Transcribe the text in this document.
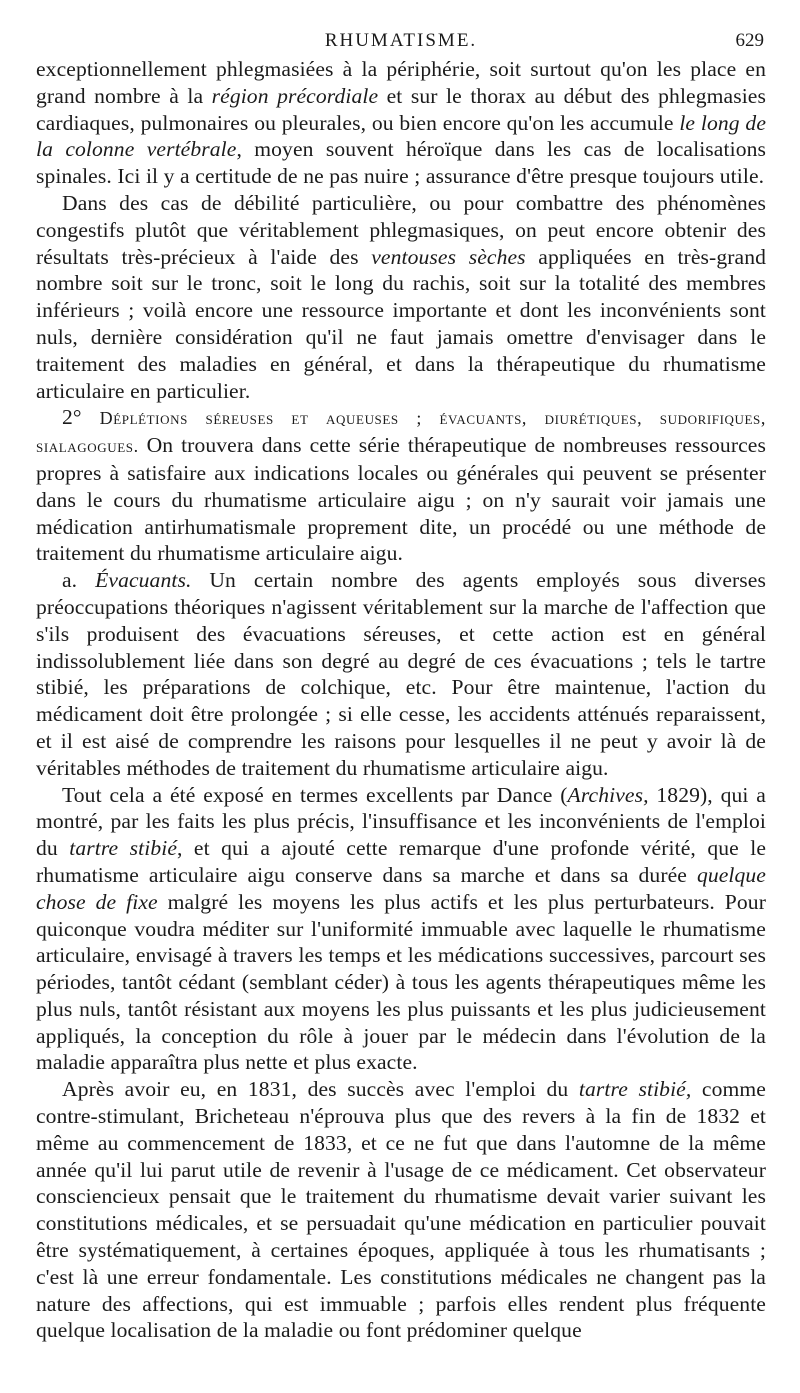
RHUMATISME.	629

exceptionnellement phlegmasiées à la périphérie, soit surtout qu'on les place en grand nombre à la région précordiale et sur le thorax au début des phlegmasies cardiaques, pulmonaires ou pleurales, ou bien encore qu'on les accumule le long de la colonne vertébrale, moyen souvent héroïque dans les cas de localisations spinales. Ici il y a certitude de ne pas nuire ; assurance d'être presque toujours utile.

Dans des cas de débilité particulière, ou pour combattre des phénomènes congestifs plutôt que véritablement phlegmasiques, on peut encore obtenir des résultats très-précieux à l'aide des ventouses sèches appliquées en très-grand nombre soit sur le tronc, soit le long du rachis, soit sur la totalité des membres inférieurs ; voilà encore une ressource importante et dont les inconvénients sont nuls, dernière considération qu'il ne faut jamais omettre d'envisager dans le traitement des maladies en général, et dans la thérapeutique du rhumatisme articulaire en particulier.

2° Déplétions séreuses et aqueuses ; évacuants, diurétiques, sudorifiques, sialagogues. On trouvera dans cette série thérapeutique de nombreuses ressources propres à satisfaire aux indications locales ou générales qui peuvent se présenter dans le cours du rhumatisme articulaire aigu ; on n'y saurait voir jamais une médication antirhumatismale proprement dite, un procédé ou une méthode de traitement du rhumatisme articulaire aigu.

a. Évacuants. Un certain nombre des agents employés sous diverses préoccupations théoriques n'agissent véritablement sur la marche de l'affection que s'ils produisent des évacuations séreuses, et cette action est en général indissolublement liée dans son degré au degré de ces évacuations ; tels le tartre stibié, les préparations de colchique, etc. Pour être maintenue, l'action du médicament doit être prolongée ; si elle cesse, les accidents atténués reparaissent, et il est aisé de comprendre les raisons pour lesquelles il ne peut y avoir là de véritables méthodes de traitement du rhumatisme articulaire aigu.

Tout cela a été exposé en termes excellents par Dance (Archives, 1829), qui a montré, par les faits les plus précis, l'insuffisance et les inconvénients de l'emploi du tartre stibié, et qui a ajouté cette remarque d'une profonde vérité, que le rhumatisme articulaire aigu conserve dans sa marche et dans sa durée quelque chose de fixe malgré les moyens les plus actifs et les plus perturbateurs. Pour quiconque voudra méditer sur l'uniformité immuable avec laquelle le rhumatisme articulaire, envisagé à travers les temps et les médications successives, parcourt ses périodes, tantôt cédant (semblant céder) à tous les agents thérapeutiques même les plus nuls, tantôt résistant aux moyens les plus puissants et les plus judicieusement appliqués, la conception du rôle à jouer par le médecin dans l'évolution de la maladie apparaîtra plus nette et plus exacte.

Après avoir eu, en 1831, des succès avec l'emploi du tartre stibié, comme contre-stimulant, Bricheteau n'éprouva plus que des revers à la fin de 1832 et même au commencement de 1833, et ce ne fut que dans l'automne de la même année qu'il lui parut utile de revenir à l'usage de ce médicament. Cet observateur consciencieux pensait que le traitement du rhumatisme devait varier suivant les constitutions médicales, et se persuadait qu'une médication en particulier pouvait être systématiquement, à certaines époques, appliquée à tous les rhumatisants ; c'est là une erreur fondamentale. Les constitutions médicales ne changent pas la nature des affections, qui est immuable ; parfois elles rendent plus fréquente quelque localisation de la maladie ou font prédominer quelque
